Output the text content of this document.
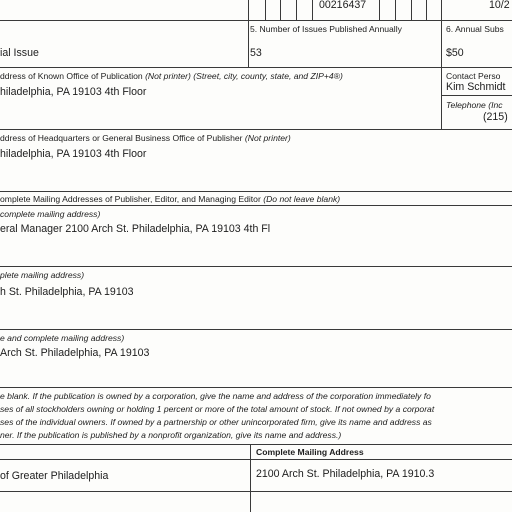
00216437	10/2
ial Issue
5. Number of Issues Published Annually
53
6. Annual Subs
$50
ddress of Known Office of Publication (Not printer) (Street, city, county, state, and ZIP+4®)
hiladelphia, PA 19103 4th Floor
Contact Perso
Kim Schmidt
Telephone (Inc
(215)
ddress of Headquarters or General Business Office of Publisher (Not printer)
hiladelphia, PA 19103 4th Floor
omplete Mailing Addresses of Publisher, Editor, and Managing Editor (Do not leave blank)
complete mailing address)
eral Manager 2100 Arch St. Philadelphia, PA 19103 4th Fl
plete mailing address)
h St. Philadelphia, PA 19103
e and complete mailing address)
Arch St. Philadelphia, PA 19103
e blank. If the publication is owned by a corporation, give the name and address of the corporation immediately fo
ses of all stockholders owning or holding 1 percent or more of the total amount of stock. If not owned by a corporat
ses of the individual owners. If owned by a partnership or other unincorporated firm, give its name and address as
ner. If the publication is published by a nonprofit organization, give its name and address.)
Complete Mailing Address
of Greater Philadelphia	2100 Arch St. Philadelphia, PA 1910.3
